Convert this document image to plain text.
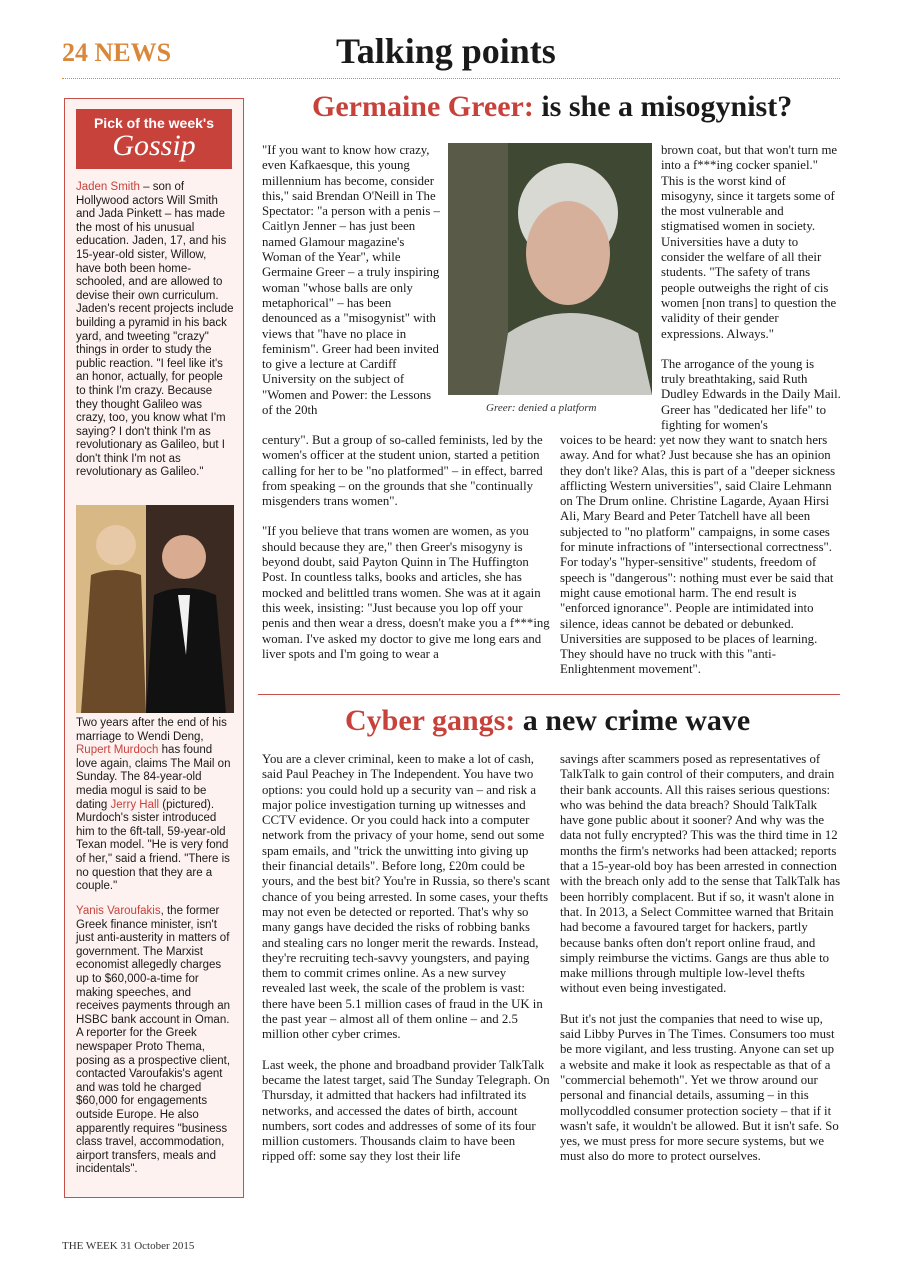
24 NEWS	Talking points
Pick of the week's
Gossip
Jaden Smith – son of Hollywood actors Will Smith and Jada Pinkett – has made the most of his unusual education. Jaden, 17, and his 15-year-old sister, Willow, have both been home-schooled, and are allowed to devise their own curriculum. Jaden's recent projects include building a pyramid in his back yard, and tweeting "crazy" things in order to study the public reaction. "I feel like it's an honor, actually, for people to think I'm crazy. Because they thought Galileo was crazy, too, you know what I'm saying? I don't think I'm as revolutionary as Galileo, but I don't think I'm not as revolutionary as Galileo."
Two years after the end of his marriage to Wendi Deng, Rupert Murdoch has found love again, claims The Mail on Sunday. The 84-year-old media mogul is said to be dating Jerry Hall (pictured). Murdoch's sister introduced him to the 6ft-tall, 59-year-old Texan model. "He is very fond of her," said a friend. "There is no question that they are a couple."
Yanis Varoufakis, the former Greek finance minister, isn't just anti-austerity in matters of government. The Marxist economist allegedly charges up to $60,000-a-time for making speeches, and receives payments through an HSBC bank account in Oman. A reporter for the Greek newspaper Proto Thema, posing as a prospective client, contacted Varoufakis's agent and was told he charged $60,000 for engagements outside Europe. He also apparently requires "business class travel, accommodation, airport transfers, meals and incidentals".
Germaine Greer: is she a misogynist?
"If you want to know how crazy, even Kafkaesque, this young millennium has become, consider this," said Brendan O'Neill in The Spectator: "a person with a penis – Caitlyn Jenner – has just been named Glamour magazine's Woman of the Year", while Germaine Greer – a truly inspiring woman "whose balls are only metaphorical" – has been denounced as a "misogynist" with views that "have no place in feminism". Greer had been invited to give a lecture at Cardiff University on the subject of "Women and Power: the Lessons of the 20th	Greer: denied a platform

century". But a group of so-called feminists, led by the women's officer at the student union, started a petition calling for her to be "no platformed" – in effect, barred from speaking – on the grounds that she "continually misgenders trans women".

"If you believe that trans women are women, as you should because they are," then Greer's misogyny is beyond doubt, said Payton Quinn in The Huffington Post. In countless talks, books and articles, she has mocked and belittled trans women. She was at it again this week, insisting: "Just because you lop off your penis and then wear a dress, doesn't make you a f***ing woman. I've asked my doctor to give me long ears and liver spots and I'm going to wear a

brown coat, but that won't turn me into a f***ing cocker spaniel." This is the worst kind of misogyny, since it targets some of the most vulnerable and stigmatised women in society. Universities have a duty to consider the welfare of all their students. "The safety of trans people outweighs the right of cis women [non trans] to question the validity of their gender expressions. Always."

The arrogance of the young is truly breathtaking, said Ruth Dudley Edwards in the Daily Mail. Greer has "dedicated her life" to fighting for women's

voices to be heard: yet now they want to snatch hers away. And for what? Just because she has an opinion they don't like? Alas, this is part of a "deeper sickness afflicting Western universities", said Claire Lehmann on The Drum online. Christine Lagarde, Ayaan Hirsi Ali, Mary Beard and Peter Tatchell have all been subjected to "no platform" campaigns, in some cases for minute infractions of "intersectional correctness". For today's "hyper-sensitive" students, freedom of speech is "dangerous": nothing must ever be said that might cause emotional harm. The end result is "enforced ignorance". People are intimidated into silence, ideas cannot be debated or debunked. Universities are supposed to be places of learning. They should have no truck with this "anti-Enlightenment movement".
Cyber gangs: a new crime wave

You are a clever criminal, keen to make a lot of cash, said Paul Peachey in The Independent. You have two options: you could hold up a security van – and risk a major police investigation turning up witnesses and CCTV evidence. Or you could hack into a computer network from the privacy of your home, send out some spam emails, and "trick the unwitting into giving up their financial details". Before long, £20m could be yours, and the best bit? You're in Russia, so there's scant chance of you being arrested. In some cases, your thefts may not even be detected or reported. That's why so many gangs have decided the risks of robbing banks and stealing cars no longer merit the rewards. Instead, they're recruiting tech-savvy youngsters, and paying them to commit crimes online. As a new survey revealed last week, the scale of the problem is vast: there have been 5.1 million cases of fraud in the UK in the past year – almost all of them online – and 2.5 million other cyber crimes.

Last week, the phone and broadband provider TalkTalk became the latest target, said The Sunday Telegraph. On Thursday, it admitted that hackers had infiltrated its networks, and accessed the dates of birth, account numbers, sort codes and addresses of some of its four million customers. Thousands claim to have been ripped off: some say they lost their life

savings after scammers posed as representatives of TalkTalk to gain control of their computers, and drain their bank accounts. All this raises serious questions: who was behind the data breach? Should TalkTalk have gone public about it sooner? And why was the data not fully encrypted? This was the third time in 12 months the firm's networks had been attacked; reports that a 15-year-old boy has been arrested in connection with the breach only add to the sense that TalkTalk has been horribly complacent. But if so, it wasn't alone in that. In 2013, a Select Committee warned that Britain had become a favoured target for hackers, partly because banks often don't report online fraud, and simply reimburse the victims. Gangs are thus able to make millions through multiple low-level thefts without even being investigated.

But it's not just the companies that need to wise up, said Libby Purves in The Times. Consumers too must be more vigilant, and less trusting. Anyone can set up a website and make it look as respectable as that of a "commercial behemoth". Yet we throw around our personal and financial details, assuming – in this mollycoddled consumer protection society – that if it wasn't safe, it wouldn't be allowed. But it isn't safe. So yes, we must press for more secure systems, but we must also do more to protect ourselves.

THE WEEK 31 October 2015
